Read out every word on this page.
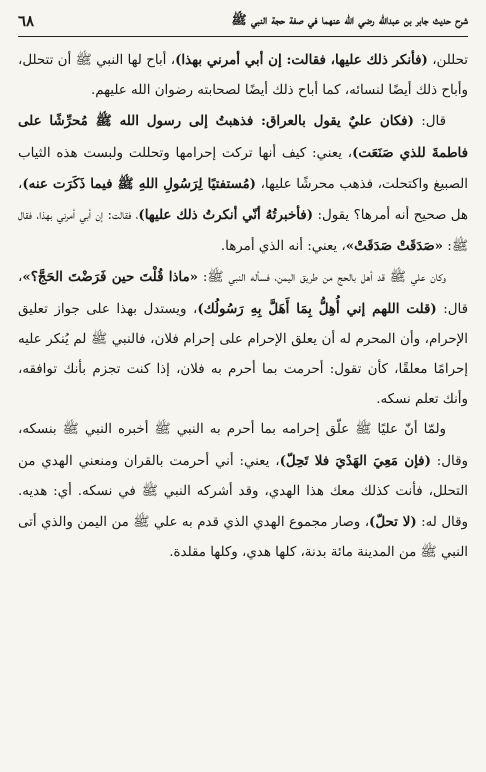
شرح حديث جابر بن عبدالله رضي الله عنهما في صفة حجة النبي ﷺ
٦٨

تحللن، (فأنكر ذلك عليها، فقالت: إن أبي أمرني بهذا)، أباح لها النبي ﷺ أن تتحلل، وأباح ذلك أيضًا لنسائه، كما أباح ذلك أيضًا لصحابته رضوان الله عليهم.

قال: (فكان عليٌ يقول بالعراق: فذهبتُ إلى رسول الله ﷺ مُحرِّشًا على فاطمةَ للذي صَنَعَت)، يعني: كيف أنها تركت إحرامها وتحللت ولبست هذه الثياب الصبيغ واكتحلت، فذهب محرشًا عليها، (مُستفتيًا لِرَسُولِ اللهِ ﷺ فيما ذَكَرَت عنه)، هل صحيح أنه أمرها؟ يقول: (فأخبرتُهُ أنّي أنكرتُ ذلك عليها)، فقالت: إن أبي أمرني بهذا، فقال ﷺ: «صَدَقَتْ صَدَقَتْ»، يعني: أنه الذي أمرها.

وكان علي ﷺ قد أهل بالحج من طريق اليمن، فسأله النبي ﷺ: «ماذا قُلْتَ حين فَرَضْتَ الحَجَّ؟»، قال: (قلت اللهم إني أُهِلُّ بِمَا أَهَلَّ بِهِ رَسُولُك)، ويستدل بهذا على جواز تعليق الإحرام، وأن المحرم له أن يعلق الإحرام على إحرام فلان، فالنبي ﷺ لم يُنكر عليه إحرامًا معلقًا، كأن تقول: أحرمت بما أحرم به فلان، إذا كنت تجزم بأنك توافقه، وأنك تعلم نسكه.

ولمّا أنّ عليًا ﷺ علّق إحرامه بما أحرم به النبي ﷺ أخبره النبي ﷺ بنسكه، وقال: (فإن مَعِيَ الهَدْيَ فلا تَحِلّ)، يعني: أني أحرمت بالقران ومنعني الهدي من التحلل، فأنت كذلك معك هذا الهدي، وقد أشركه النبي ﷺ في نسكه. أي: هديه. وقال له: (لا تحلّ)، وصار مجموع الهدي الذي قدم به علي ﷺ من اليمن والذي أتى النبي ﷺ من المدينة مائة بدنة، كلها هدي، وكلها مقلدة.
